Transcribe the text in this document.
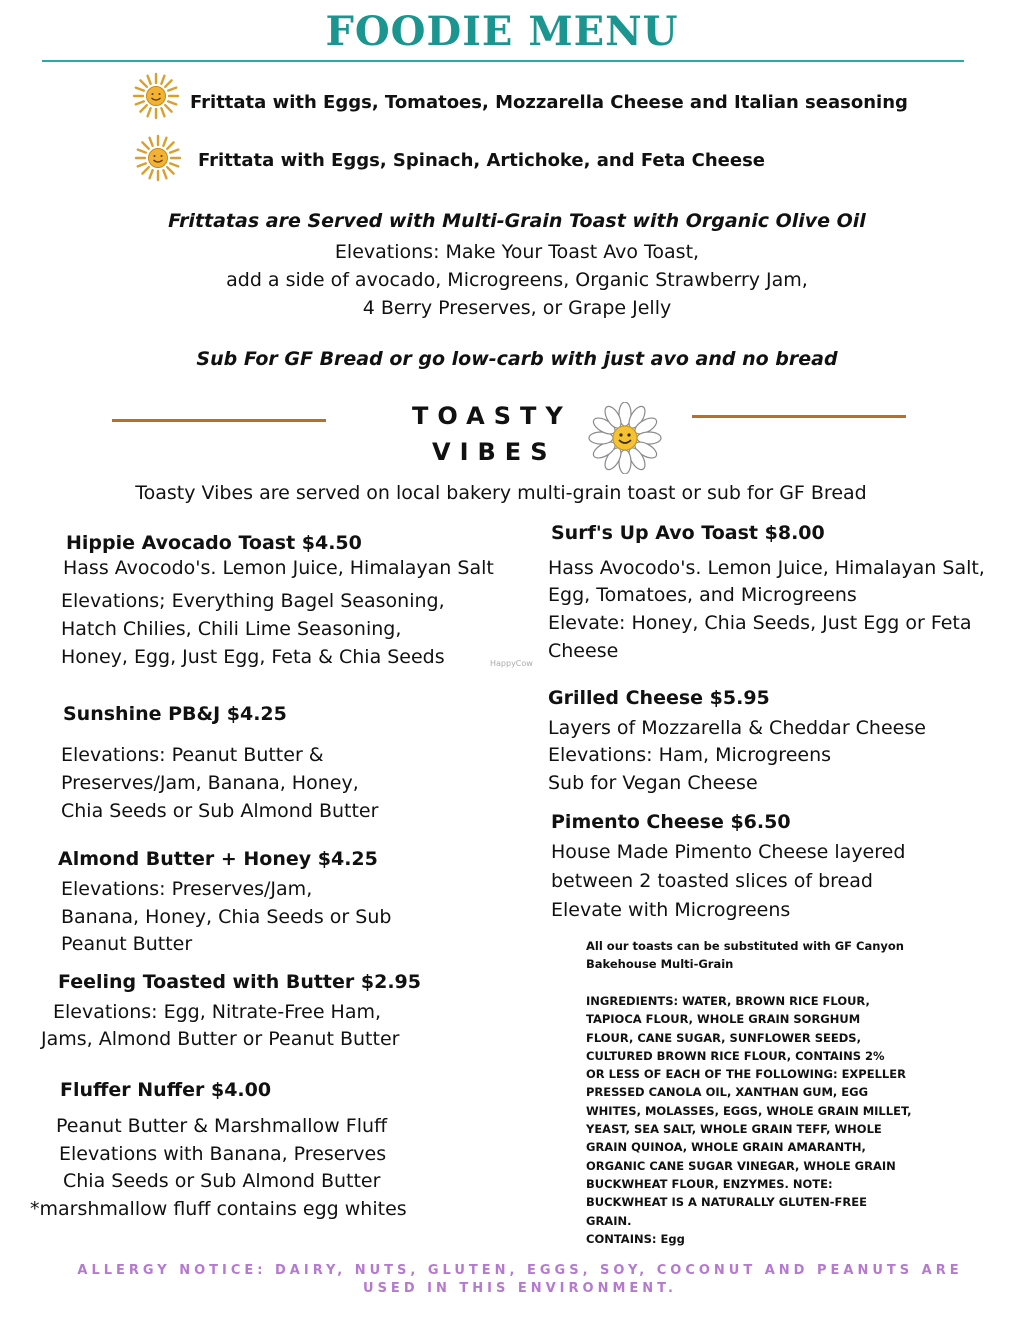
FOODIE MENU
Frittata with Eggs, Tomatoes, Mozzarella Cheese and Italian seasoning
Frittata with Eggs, Spinach, Artichoke, and Feta Cheese
Frittatas are Served with Multi-Grain Toast with Organic Olive Oil
Elevations: Make Your Toast Avo Toast,
add a side of avocado, Microgreens, Organic Strawberry Jam,
4 Berry Preserves, or Grape Jelly
Sub For GF Bread or go low-carb with just avo and no bread
TOASTY
VIBES
Toasty Vibes are served on local bakery multi-grain toast or sub for GF Bread
Hippie Avocado Toast $4.50
Hass Avocodo's. Lemon Juice, Himalayan Salt
Elevations; Everything Bagel Seasoning,
Hatch Chilies, Chili Lime Seasoning,
Honey, Egg, Just Egg, Feta & Chia Seeds	HappyCow
Sunshine PB&J $4.25
Elevations: Peanut Butter &
Preserves/Jam, Banana, Honey,
Chia Seeds or Sub Almond Butter
Almond Butter + Honey $4.25
Elevations: Preserves/Jam,
Banana, Honey, Chia Seeds or Sub
Peanut Butter
Feeling Toasted with Butter $2.95
Elevations: Egg, Nitrate-Free Ham,
Jams, Almond Butter or Peanut Butter
Fluffer Nuffer $4.00
Peanut Butter & Marshmallow Fluff
Elevations with Banana, Preserves
Chia Seeds or Sub Almond Butter
*marshmallow fluff contains egg whites
Surf's Up Avo Toast $8.00
Hass Avocodo's. Lemon Juice, Himalayan Salt,
Egg, Tomatoes, and Microgreens
Elevate: Honey, Chia Seeds, Just Egg or Feta
Cheese
Grilled Cheese $5.95
Layers of Mozzarella & Cheddar Cheese
Elevations: Ham, Microgreens
Sub for Vegan Cheese
Pimento Cheese $6.50
House Made Pimento Cheese layered
between 2 toasted slices of bread
Elevate with Microgreens
All our toasts can be substituted with GF Canyon
Bakehouse Multi-Grain
INGREDIENTS: WATER, BROWN RICE FLOUR,
TAPIOCA FLOUR, WHOLE GRAIN SORGHUM
FLOUR, CANE SUGAR, SUNFLOWER SEEDS,
CULTURED BROWN RICE FLOUR, CONTAINS 2%
OR LESS OF EACH OF THE FOLLOWING: EXPELLER
PRESSED CANOLA OIL, XANTHAN GUM, EGG
WHITES, MOLASSES, EGGS, WHOLE GRAIN MILLET,
YEAST, SEA SALT, WHOLE GRAIN TEFF, WHOLE
GRAIN QUINOA, WHOLE GRAIN AMARANTH,
ORGANIC CANE SUGAR VINEGAR, WHOLE GRAIN
BUCKWHEAT FLOUR, ENZYMES. NOTE:
BUCKWHEAT IS A NATURALLY GLUTEN-FREE
GRAIN.
CONTAINS: Egg
ALLERGY NOTICE: DAIRY, NUTS, GLUTEN, EGGS, SOY, COCONUT AND PEANUTS ARE
USED IN THIS ENVIRONMENT.
